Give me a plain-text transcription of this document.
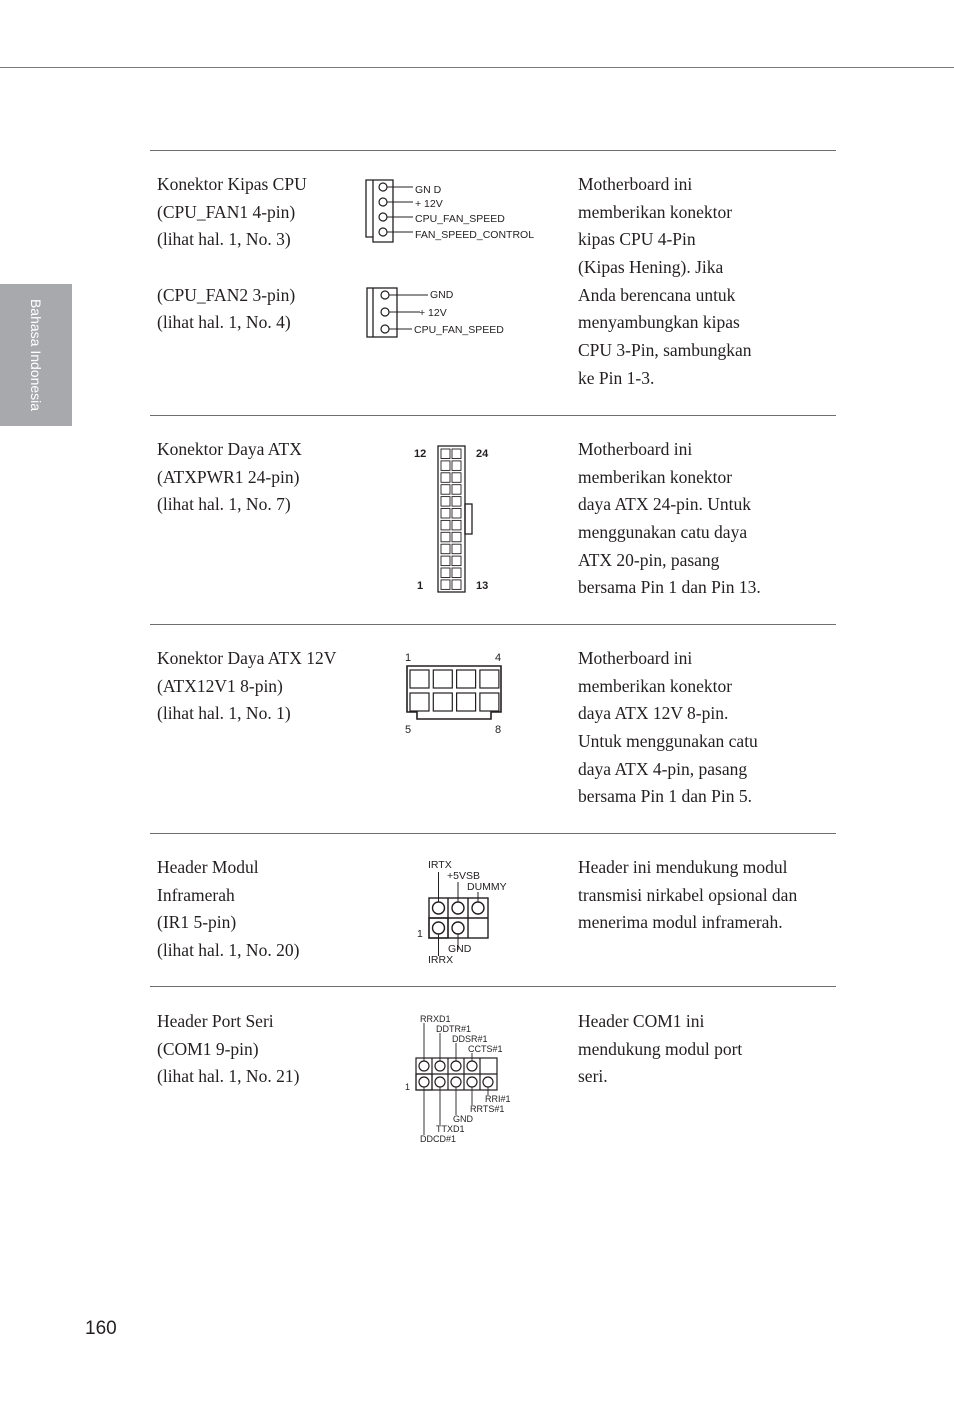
Bahasa Indonesia
Konektor Kipas CPU
(CPU_FAN1 4-pin)
(lihat hal. 1, No. 3)
(CPU_FAN2 3-pin)
(lihat hal. 1, No. 4)
Motherboard ini
memberikan konektor
kipas CPU 4-Pin
(Kipas Hening). Jika
Anda berencana untuk
menyambungkan kipas
CPU 3-Pin, sambungkan
ke Pin 1-3.
GN D
+ 12V
CPU_FAN_SPEED
FAN_SPEED_CONTROL
GND
+ 12V
CPU_FAN_SPEED
Konektor Daya ATX
(ATXPWR1 24-pin)
(lihat hal. 1, No. 7)
Motherboard ini
memberikan konektor
daya ATX 24-pin. Untuk
menggunakan catu daya
ATX 20-pin, pasang
bersama Pin 1 dan Pin 13.
12	24
1	13
Konektor Daya ATX 12V
(ATX12V1 8-pin)
(lihat hal. 1, No. 1)
Motherboard ini
memberikan konektor
daya ATX 12V 8-pin.
Untuk menggunakan catu
daya ATX 4-pin, pasang
bersama Pin 1 dan Pin 5.
1	4
5	8
Header Modul
Inframerah
(IR1 5-pin)
(lihat hal. 1, No. 20)
Header ini mendukung modul
transmisi nirkabel opsional dan
menerima modul inframerah.
IRTX
+5VSB
DUMMY
1
GND
IRRX
Header Port Seri
(COM1 9-pin)
(lihat hal. 1, No. 21)
Header COM1 ini
mendukung modul port
seri.
RRXD1
DDTR#1
DDSR#1
CCTS#1
1
RRI#1
RRTS#1
GND
TTXD1
DDCD#1
160
